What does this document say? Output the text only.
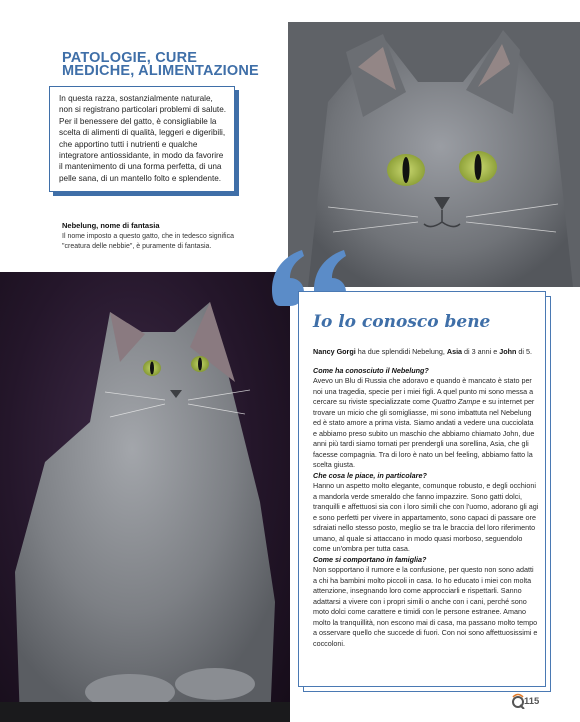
PATOLOGIE, CURE
MEDICHE, ALIMENTAZIONE

In questa razza, sostanzialmente naturale, non si registrano particolari problemi di salute. Per il benessere del gatto, è consigliabile la scelta di alimenti di qualità, leggeri e digeribili, che apportino tutti i nutrienti e qualche integratore antiossidante, in modo da favorire il mantenimento di una forma perfetta, di una pelle sana, di un mantello folto e splendente.

Nebelung, nome di fantasia

Il nome imposto a questo gatto, che in tedesco significa "creatura delle nebbie", è puramente di fantasia.

Io lo conosco bene

Nancy Gorgi ha due splendidi Nebelung, Asia di 3 anni e John di 5.

Come ha conosciuto il Nebelung?

Avevo un Blu di Russia che adoravo e quando è mancato è stato per noi una tragedia, specie per i miei figli. A quel punto mi sono messa a cercare su riviste specializzate come Quattro Zampe e su internet per trovare un micio che gli somigliasse, mi sono imbattuta nel Nebelung ed è stato amore a prima vista. Siamo andati a vedere una cucciolata e abbiamo preso subito un maschio che abbiamo chiamato John, due anni più tardi siamo tornati per prendergli una sorellina, Asia, che gli facesse compagnia. Tra di loro è nato un bel feeling, abbiamo fatto la scelta giusta.

Che cosa le piace, in particolare?

Hanno un aspetto molto elegante, comunque robusto, e degli occhioni a mandorla verde smeraldo che fanno impazzire. Sono gatti dolci, tranquilli e affettuosi sia con i loro simili che con l'uomo, adorano gli agi e sono perfetti per vivere in appartamento, sono capaci di passare ore sdraiati nello stesso posto, meglio se tra le braccia del loro riferimento umano, al quale si attaccano in modo quasi morboso, seguendolo come un'ombra per tutta casa.

Come si comportano in famiglia?

Non sopportano il rumore e la confusione, per questo non sono adatti a chi ha bambini molto piccoli in casa. Io ho educato i miei con molta attenzione, insegnando loro come approcciarli e rispettarli. Sanno adattarsi a vivere con i propri simili o anche con i cani, perché sono moto dolci come carattere e timidi con le persone estranee. Amano molto la tranquillità, non escono mai di casa, ma passano molto tempo a osservare quello che succede di fuori. Con noi sono affettuosissimi e coccoloni.

115
